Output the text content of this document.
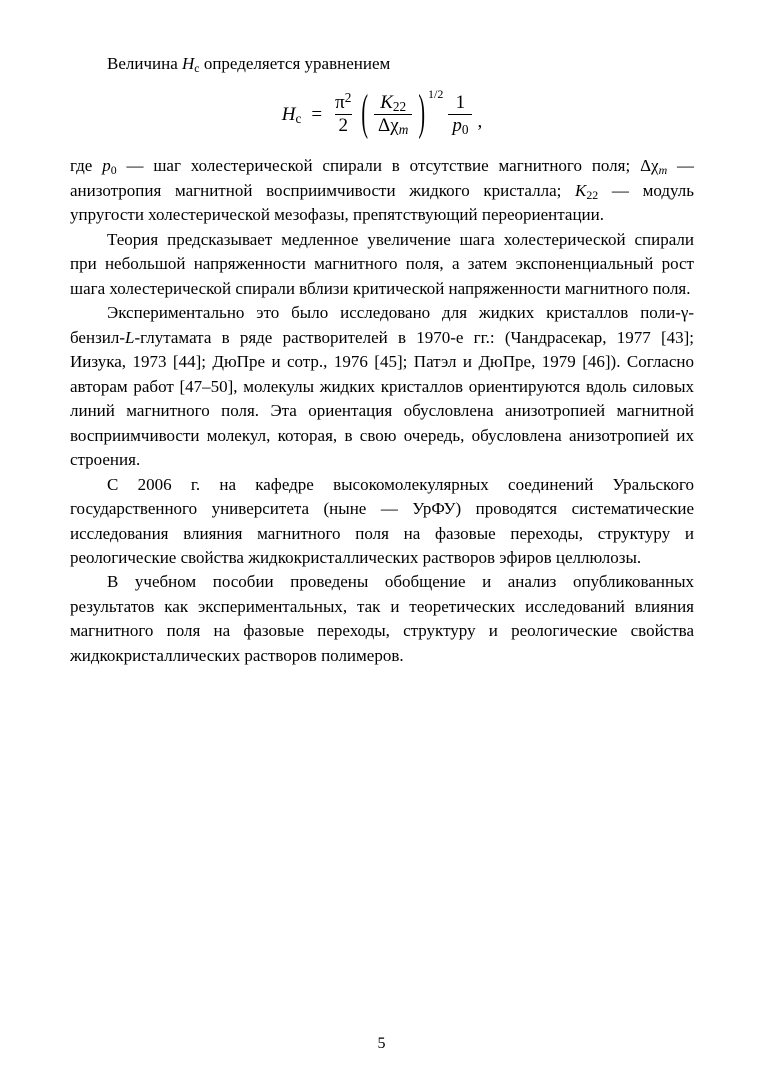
Величина Hc определяется уравнением

$Hc = \frac{\pi^2}{2}$ ( $\frac{K22}{\text{Δχm}}$ ) $1/2 \frac{1}{p0}$ ,

где p0 — шаг холестерической спирали в отсутствие магнитного поля; Δχm — анизотропия магнитной восприимчивости жидкого кристалла; K22 — модуль упругости холестерической мезофазы, препятствующий переориентации.

Теория предсказывает медленное увеличение шага холестерической спирали при небольшой напряженности магнитного поля, а затем экспоненциальный рост шага холестерической спирали вблизи критической напряженности магнитного поля.

Экспериментально это было исследовано для жидких кристаллов поли-γ-бензил-L-глутамата в ряде растворителей в 1970-е гг.: (Чандрасекар, 1977 [43]; Иизука, 1973 [44]; ДюПре и сотр., 1976 [45]; Патэл и ДюПре, 1979 [46]). Согласно авторам работ [47–50], молекулы жидких кристаллов ориентируются вдоль силовых линий магнитного поля. Эта ориентация обусловлена анизотропией магнитной восприимчивости молекул, которая, в свою очередь, обусловлена анизотропией их строения.

С 2006 г. на кафедре высокомолекулярных соединений Уральского государственного университета (ныне — УрФУ) проводятся систематические исследования влияния магнитного поля на фазовые переходы, структуру и реологические свойства жидкокристаллических растворов эфиров целлюлозы.

В учебном пособии проведены обобщение и анализ опубликованных результатов как экспериментальных, так и теоретических исследований влияния магнитного поля на фазовые переходы, структуру и реологические свойства жидкокристаллических растворов полимеров.

5
